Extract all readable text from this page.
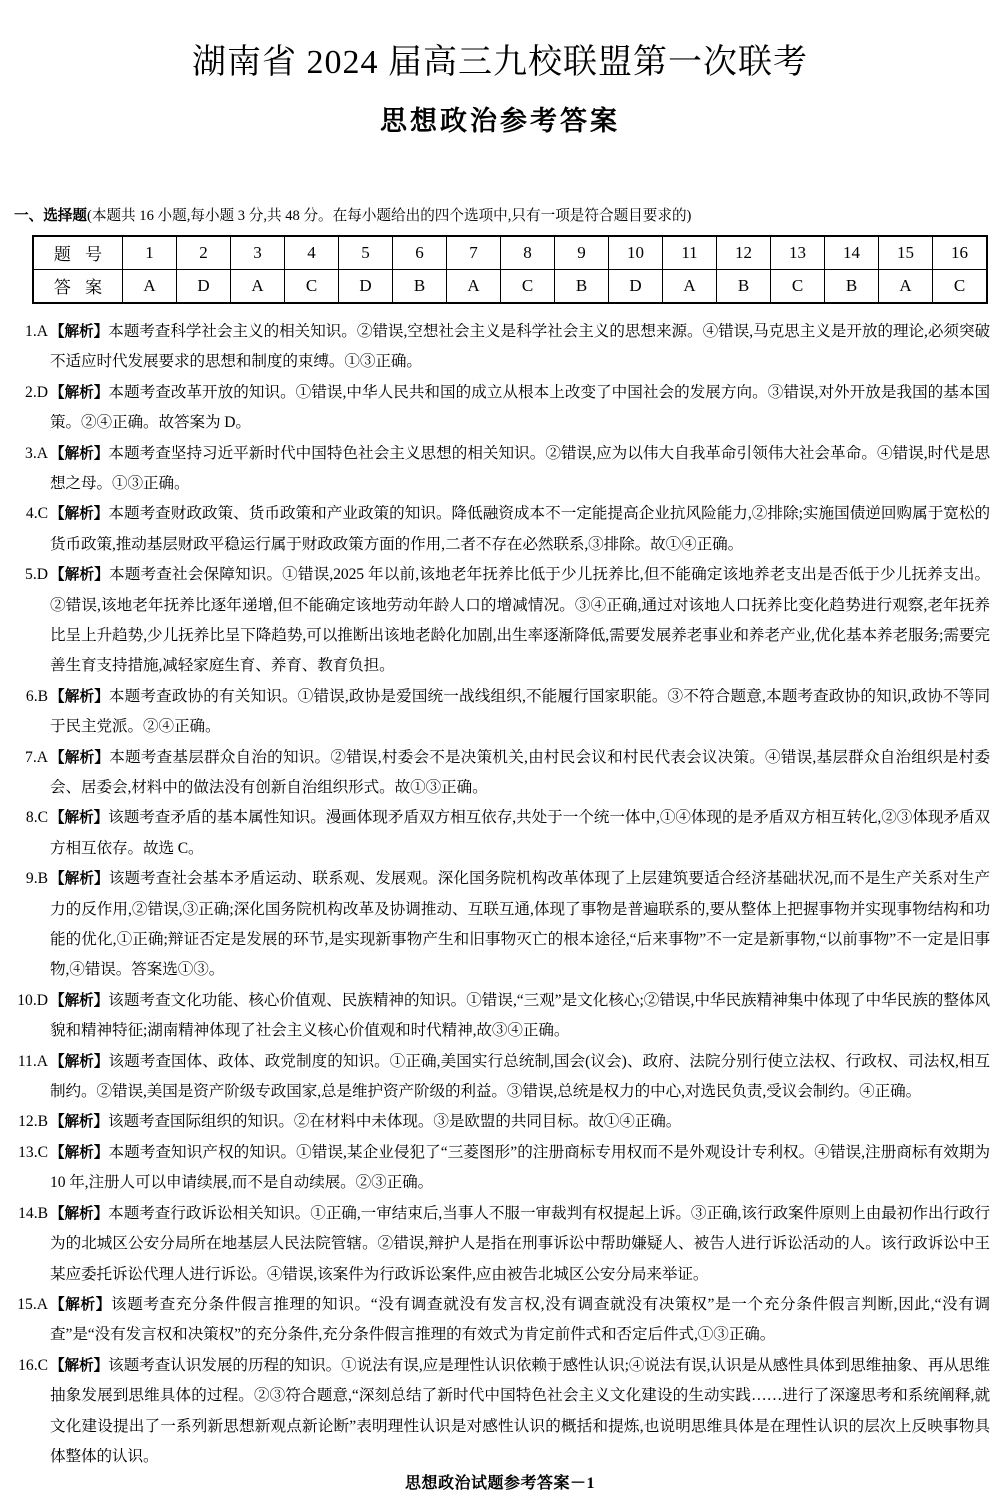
湖南省 2024 届高三九校联盟第一次联考
思想政治参考答案
一、选择题(本题共 16 小题,每小题 3 分,共 48 分。在每小题给出的四个选项中,只有一项是符合题目要求的)
题 号	1	2	3	4	5	6	7	8	9	10	11	12	13	14	15	16
答 案	A	D	A	C	D	B	A	C	B	D	A	B	C	B	A	C
1.A 【解析】本题考查科学社会主义的相关知识。②错误,空想社会主义是科学社会主义的思想来源。④错误,马克思主义是开放的理论,必须突破不适应时代发展要求的思想和制度的束缚。①③正确。
2.D 【解析】本题考查改革开放的知识。①错误,中华人民共和国的成立从根本上改变了中国社会的发展方向。③错误,对外开放是我国的基本国策。②④正确。故答案为 D。
3.A 【解析】本题考查坚持习近平新时代中国特色社会主义思想的相关知识。②错误,应为以伟大自我革命引领伟大社会革命。④错误,时代是思想之母。①③正确。
4.C 【解析】本题考查财政政策、货币政策和产业政策的知识。降低融资成本不一定能提高企业抗风险能力,②排除;实施国债逆回购属于宽松的货币政策,推动基层财政平稳运行属于财政政策方面的作用,二者不存在必然联系,③排除。故①④正确。
5.D 【解析】本题考查社会保障知识。①错误,2025 年以前,该地老年抚养比低于少儿抚养比,但不能确定该地养老支出是否低于少儿抚养支出。②错误,该地老年抚养比逐年递增,但不能确定该地劳动年龄人口的增减情况。③④正确,通过对该地人口抚养比变化趋势进行观察,老年抚养比呈上升趋势,少儿抚养比呈下降趋势,可以推断出该地老龄化加剧,出生率逐渐降低,需要发展养老事业和养老产业,优化基本养老服务;需要完善生育支持措施,减轻家庭生育、养育、教育负担。
6.B 【解析】本题考查政协的有关知识。①错误,政协是爱国统一战线组织,不能履行国家职能。③不符合题意,本题考查政协的知识,政协不等同于民主党派。②④正确。
7.A 【解析】本题考查基层群众自治的知识。②错误,村委会不是决策机关,由村民会议和村民代表会议决策。④错误,基层群众自治组织是村委会、居委会,材料中的做法没有创新自治组织形式。故①③正确。
8.C 【解析】该题考查矛盾的基本属性知识。漫画体现矛盾双方相互依存,共处于一个统一体中,①④体现的是矛盾双方相互转化,②③体现矛盾双方相互依存。故选 C。
9.B 【解析】该题考查社会基本矛盾运动、联系观、发展观。深化国务院机构改革体现了上层建筑要适合经济基础状况,而不是生产关系对生产力的反作用,②错误,③正确;深化国务院机构改革及协调推动、互联互通,体现了事物是普遍联系的,要从整体上把握事物并实现事物结构和功能的优化,①正确;辩证否定是发展的环节,是实现新事物产生和旧事物灭亡的根本途径,“后来事物”不一定是新事物,“以前事物”不一定是旧事物,④错误。答案选①③。
10.D 【解析】该题考查文化功能、核心价值观、民族精神的知识。①错误,“三观”是文化核心;②错误,中华民族精神集中体现了中华民族的整体风貌和精神特征;湖南精神体现了社会主义核心价值观和时代精神,故③④正确。
11.A 【解析】该题考查国体、政体、政党制度的知识。①正确,美国实行总统制,国会(议会)、政府、法院分别行使立法权、行政权、司法权,相互制约。②错误,美国是资产阶级专政国家,总是维护资产阶级的利益。③错误,总统是权力的中心,对选民负责,受议会制约。④正确。
12.B 【解析】该题考查国际组织的知识。②在材料中未体现。③是欧盟的共同目标。故①④正确。
13.C 【解析】本题考查知识产权的知识。①错误,某企业侵犯了“三菱图形”的注册商标专用权而不是外观设计专利权。④错误,注册商标有效期为 10 年,注册人可以申请续展,而不是自动续展。②③正确。
14.B 【解析】本题考查行政诉讼相关知识。①正确,一审结束后,当事人不服一审裁判有权提起上诉。③正确,该行政案件原则上由最初作出行政行为的北城区公安分局所在地基层人民法院管辖。②错误,辩护人是指在刑事诉讼中帮助嫌疑人、被告人进行诉讼活动的人。该行政诉讼中王某应委托诉讼代理人进行诉讼。④错误,该案件为行政诉讼案件,应由被告北城区公安分局来举证。
15.A 【解析】该题考查充分条件假言推理的知识。“没有调查就没有发言权,没有调查就没有决策权”是一个充分条件假言判断,因此,“没有调查”是“没有发言权和决策权”的充分条件,充分条件假言推理的有效式为肯定前件式和否定后件式,①③正确。
16.C 【解析】该题考查认识发展的历程的知识。①说法有误,应是理性认识依赖于感性认识;④说法有误,认识是从感性具体到思维抽象、再从思维抽象发展到思维具体的过程。②③符合题意,“深刻总结了新时代中国特色社会主义文化建设的生动实践……进行了深邃思考和系统阐释,就文化建设提出了一系列新思想新观点新论断”表明理性认识是对感性认识的概括和提炼,也说明思维具体是在理性认识的层次上反映事物具体整体的认识。
思想政治试题参考答案－1
